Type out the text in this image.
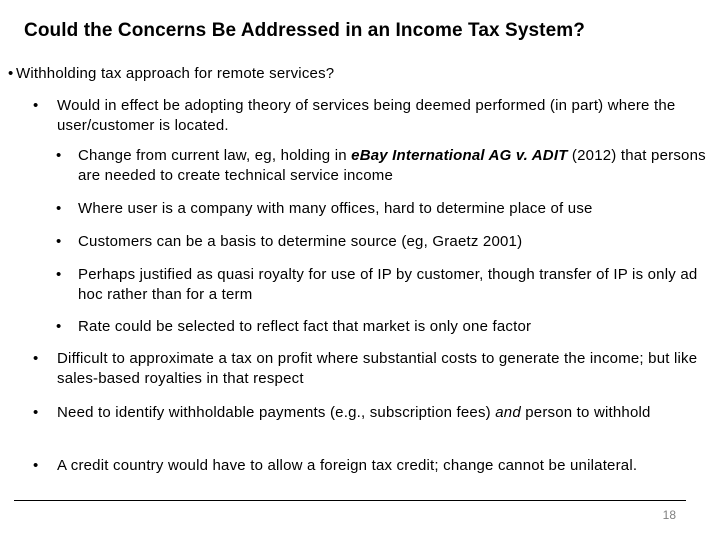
Could the Concerns Be Addressed in an Income Tax System?
• Withholding tax approach for remote services?
•	Would in effect be adopting theory of services being deemed performed (in part) where the user/customer is located.
•	Change from current law, eg, holding in eBay International AG v. ADIT (2012) that persons are needed to create technical service income
•	Where user is a company with many offices, hard to determine place of use
•	Customers can be a basis to determine source (eg, Graetz 2001)
•	Perhaps justified as quasi royalty for use of IP by customer, though transfer of IP is only ad hoc rather than for a term
•	Rate could be selected to reflect fact that market is only one factor
•	Difficult to approximate a tax on profit where substantial costs to generate the income; but like sales-based royalties in that respect
•	Need to identify withholdable payments (e.g., subscription fees) and person to withhold
•	A credit country would have to allow a foreign tax credit; change cannot be unilateral.
18
